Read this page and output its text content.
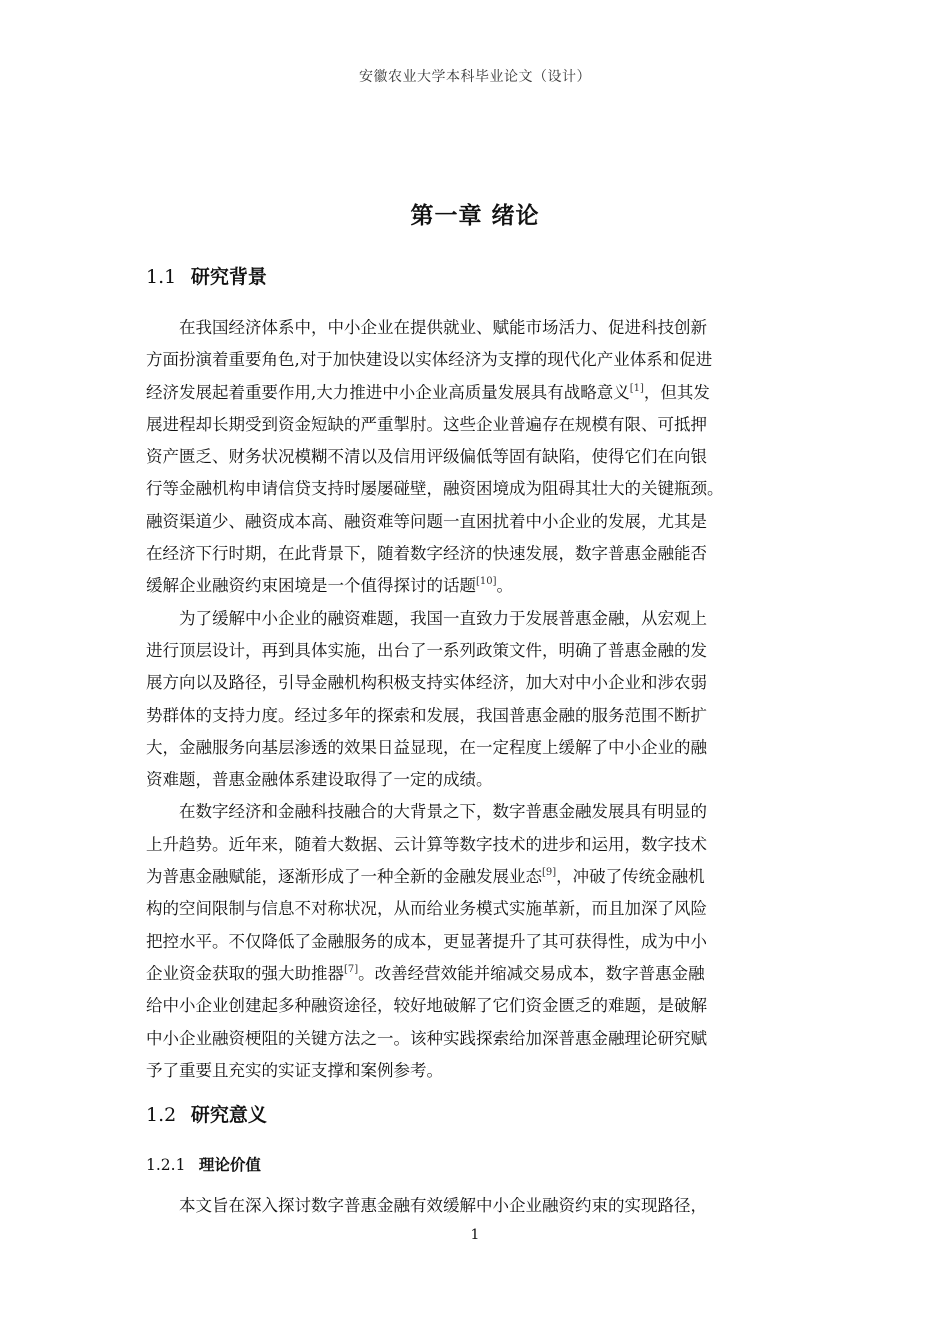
安徽农业大学本科毕业论文（设计）
第一章 绪论
1.1 研究背景

在我国经济体系中，中小企业在提供就业、赋能市场活力、促进科技创新
方面扮演着重要角色,对于加快建设以实体经济为支撑的现代化产业体系和促进
经济发展起着重要作用,大力推进中小企业高质量发展具有战略意义[1]，但其发
展进程却长期受到资金短缺的严重掣肘。这些企业普遍存在规模有限、可抵押
资产匮乏、财务状况模糊不清以及信用评级偏低等固有缺陷，使得它们在向银
行等金融机构申请信贷支持时屡屡碰壁，融资困境成为阻碍其壮大的关键瓶颈。
融资渠道少、融资成本高、融资难等问题一直困扰着中小企业的发展，尤其是
在经济下行时期，在此背景下，随着数字经济的快速发展，数字普惠金融能否
缓解企业融资约束困境是一个值得探讨的话题[10]。

为了缓解中小企业的融资难题，我国一直致力于发展普惠金融，从宏观上
进行顶层设计，再到具体实施，出台了一系列政策文件，明确了普惠金融的发
展方向以及路径，引导金融机构积极支持实体经济，加大对中小企业和涉农弱
势群体的支持力度。经过多年的探索和发展，我国普惠金融的服务范围不断扩
大，金融服务向基层渗透的效果日益显现，在一定程度上缓解了中小企业的融
资难题，普惠金融体系建设取得了一定的成绩。

在数字经济和金融科技融合的大背景之下，数字普惠金融发展具有明显的
上升趋势。近年来，随着大数据、云计算等数字技术的进步和运用，数字技术
为普惠金融赋能，逐渐形成了一种全新的金融发展业态[9]，冲破了传统金融机
构的空间限制与信息不对称状况，从而给业务模式实施革新，而且加深了风险
把控水平。不仅降低了金融服务的成本，更显著提升了其可获得性，成为中小
企业资金获取的强大助推器[7]。改善经营效能并缩减交易成本，数字普惠金融
给中小企业创建起多种融资途径，较好地破解了它们资金匮乏的难题，是破解
中小企业融资梗阻的关键方法之一。该种实践探索给加深普惠金融理论研究赋
予了重要且充实的实证支撑和案例参考。

1.2 研究意义
1.2.1 理论价值

本文旨在深入探讨数字普惠金融有效缓解中小企业融资约束的实现路径，

1
